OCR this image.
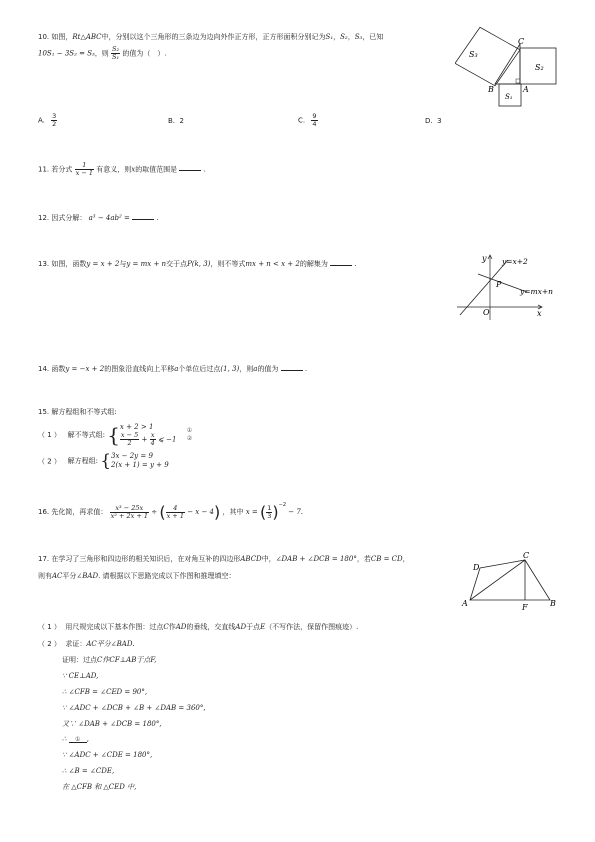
10. 如图，Rt△ABC中，分别以这个三角形的三条边为边向外作正方形，正方形面积分别记为S₁，S₂，S₃，已知
10S₁ − 3S₂ = S₃，则 $\frac{\text{S₂}}{\text{S₁}}$ 的值为（　）.
A. $\frac{3}{2}$	B. 2	C. $\frac{9}{4}$	D. 3
S₃
S₂
S₁
C
B	A
11. 若分式 $\frac{1}{x - 1}$ 有意义，则x的取值范围是	.
12. 因式分解： a³ − 4ab² =	.
13. 如图，函数y = x + 2与y = mx + n交于点P(k, 3)，则不等式mx + n < x + 2的解集为	.
y
x
O
P
y=x+2
y=mx+n
14. 函数y = −x + 2的图象沿直线向上平移a个单位后过点(1, 3)，则a的值为	.
15. 解方程组和不等式组:
（ 1 ） 解不等式组: { x + 2 > 1
$\frac{x - 5}{2} + \frac{x}{4}$ ⩽ −1

①
②
（ 2 ） 解方程组: { 3x − 2y = 9
2(x + 1) = y + 9
16. 先化简，再求值： $\frac{\text{x³ − 25x}}{\text{x² + 2x + 1}}$ ÷ ( $\frac{4}{x + 1} - x - 4$) ，其中 x = ( $\frac{1}{3} )^{-2} - 7$.
17. 在学习了三角形和四边形的相关知识后，在对角互补的四边形ABCD中，∠DAB + ∠DCB = 180°，若CB = CD，
则有AC平分∠BAD. 请根据以下思路完成以下作图和推理填空：
C
D
A	B
F
（ 1 ） 用尺规完成以下基本作图：过点C作AD的垂线，交直线AD于点E（不写作法，保留作图痕迹）.
（ 2 ） 求证：AC平分∠BAD.
证明：过点C作CF⊥AB于点F,
∵ CE⊥AD,
∴ ∠CFB = ∠CED = 90°,
∵ ∠ADC + ∠DCB + ∠B + ∠DAB = 360°,
又∵ ∠DAB + ∠DCB = 180°,
∴ ① ,
∵ ∠ADC + ∠CDE = 180°,
∴ ∠B = ∠CDE,
在 △CFB 和 △CED 中,
